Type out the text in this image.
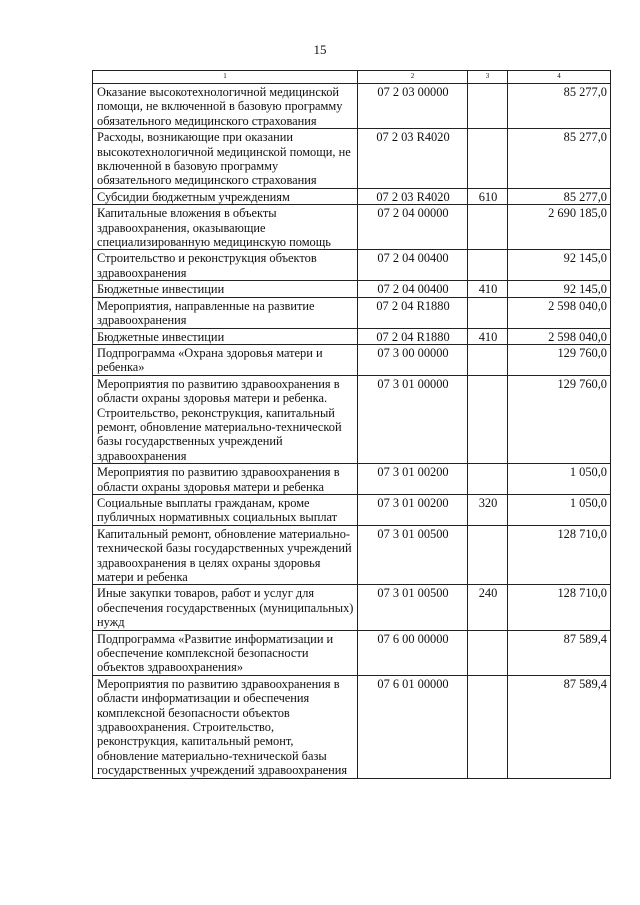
15
1	2	3	4
Оказание высокотехнологичной медицинской помощи, не включенной в базовую программу обязательного медицинского страхования	07 2 03 00000		85 277,0
Расходы, возникающие при оказании высокотехнологичной медицинской помощи, не включенной в базовую программу обязательного медицинского страхования	07 2 03 R4020		85 277,0
Субсидии бюджетным учреждениям	07 2 03 R4020	610	85 277,0
Капитальные вложения в объекты здравоохранения, оказывающие специализированную медицинскую помощь	07 2 04 00000		2 690 185,0
Строительство и реконструкция объектов здравоохранения	07 2 04 00400		92 145,0
Бюджетные инвестиции	07 2 04 00400	410	92 145,0
Мероприятия, направленные на развитие здравоохранения	07 2 04 R1880		2 598 040,0
Бюджетные инвестиции	07 2 04 R1880	410	2 598 040,0
Подпрограмма «Охрана здоровья матери и ребенка»	07 3 00 00000		129 760,0
Мероприятия по развитию здравоохранения в области охраны здоровья матери и ребенка. Строительство, реконструкция, капитальный ремонт, обновление материально-технической базы государственных учреждений здравоохранения	07 3 01 00000		129 760,0
Мероприятия по развитию здравоохранения в области охраны здоровья матери и ребенка	07 3 01 00200		1 050,0
Социальные выплаты гражданам, кроме публичных нормативных социальных выплат	07 3 01 00200	320	1 050,0
Капитальный ремонт, обновление материально-технической базы государственных учреждений здравоохранения в целях охраны здоровья матери и ребенка	07 3 01 00500		128 710,0
Иные закупки товаров, работ и услуг для обеспечения государственных (муниципальных) нужд	07 3 01 00500	240	128 710,0
Подпрограмма «Развитие информатизации и обеспечение комплексной безопасности объектов здравоохранения»	07 6 00 00000		87 589,4
Мероприятия по развитию здравоохранения в области информатизации и обеспечения комплексной безопасности объектов здравоохранения. Строительство, реконструкция, капитальный ремонт, обновление материально-технической базы государственных учреждений здравоохранения	07 6 01 00000		87 589,4
